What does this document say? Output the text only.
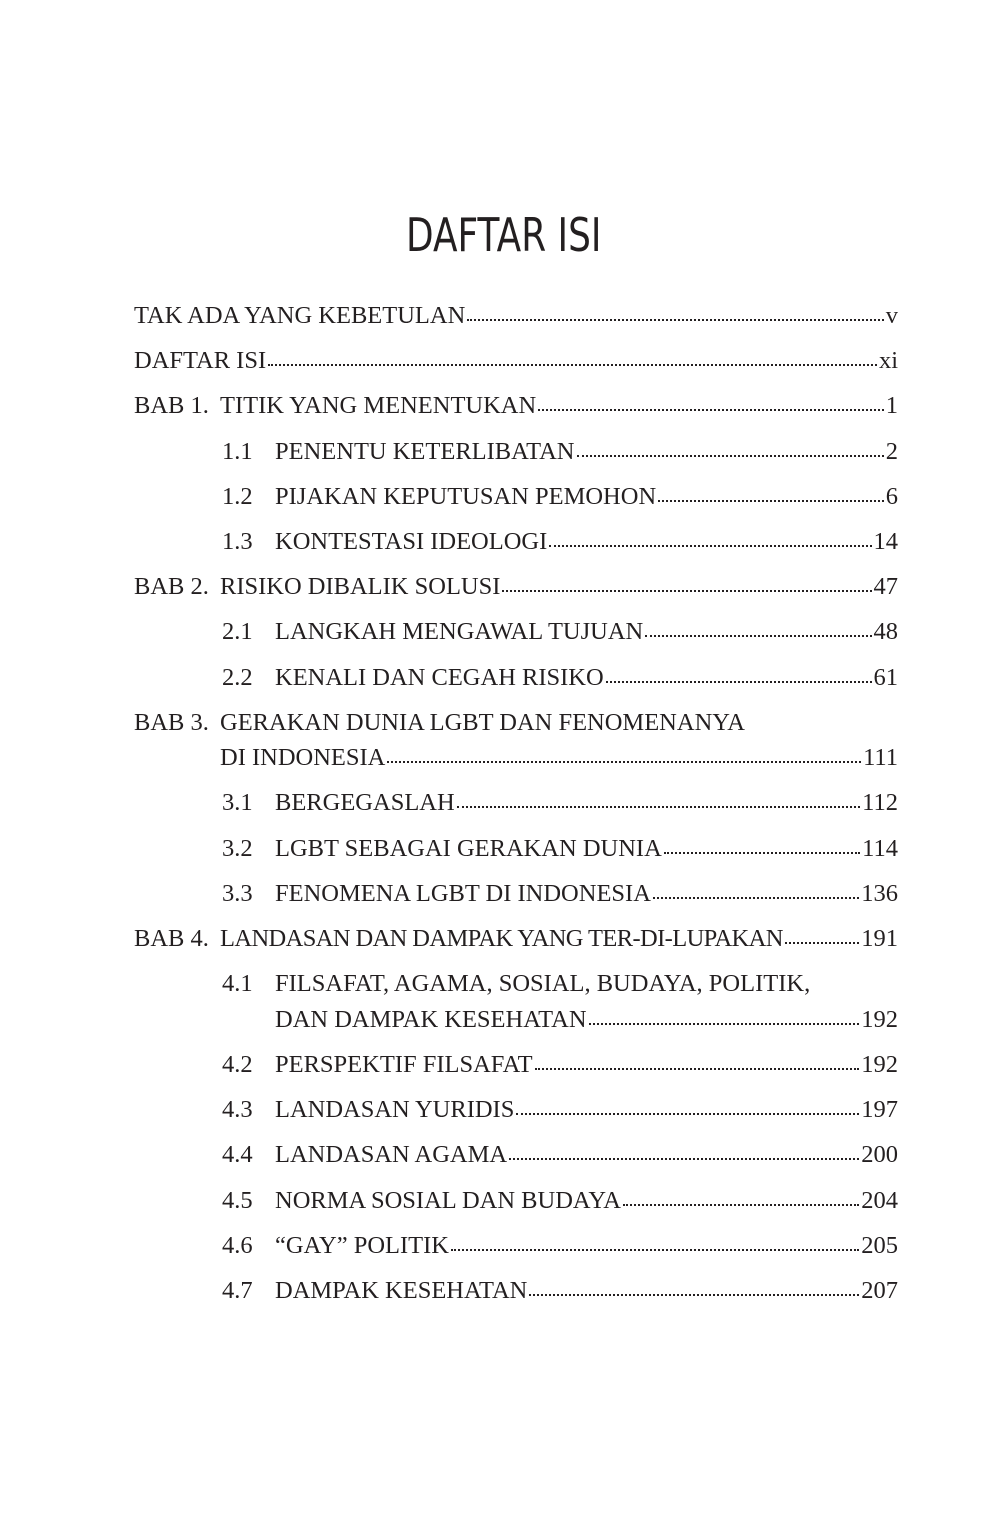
DAFTAR ISI
TAK ADA YANG KEBETULAN	v
DAFTAR ISI	xi
BAB 1. TITIK YANG MENENTUKAN	1
1.1 PENENTU KETERLIBATAN	2
1.2 PIJAKAN KEPUTUSAN PEMOHON	6
1.3 KONTESTASI IDEOLOGI	14
BAB 2. RISIKO DIBALIK SOLUSI	47
2.1 LANGKAH MENGAWAL TUJUAN	48
2.2 KENALI DAN CEGAH RISIKO	61
BAB 3. GERAKAN DUNIA LGBT DAN FENOMENANYA
DI INDONESIA	111
3.1 BERGEGASLAH	112
3.2 LGBT SEBAGAI GERAKAN DUNIA	114
3.3 FENOMENA LGBT DI INDONESIA	136
BAB 4. LANDASAN DAN DAMPAK YANG TER-DI-LUPAKAN	191
4.1 FILSAFAT, AGAMA, SOSIAL, BUDAYA, POLITIK,
DAN DAMPAK KESEHATAN	192
4.2 PERSPEKTIF FILSAFAT	192
4.3 LANDASAN YURIDIS	197
4.4 LANDASAN AGAMA	200
4.5 NORMA SOSIAL DAN BUDAYA	204
4.6 “GAY” POLITIK	205
4.7 DAMPAK KESEHATAN	207
